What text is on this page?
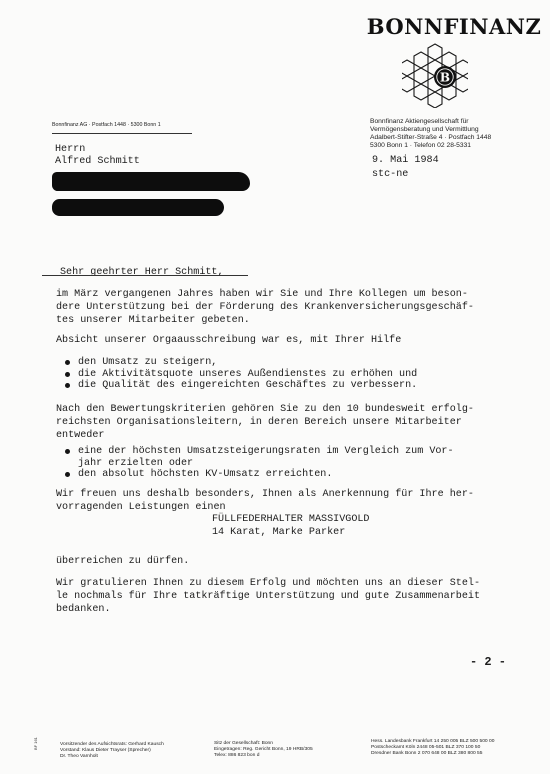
BONNFINANZ
B
Bonnfinanz AG · Postfach 1448 · 5300 Bonn 1	Bonnfinanz Aktiengesellschaft für
Vermögensberatung und Vermittlung
Adalbert-Stifter-Straße 4 · Postfach 1448
5300 Bonn 1 · Telefon 02 28-5331
Herrn
Alfred Schmitt	9. Mai 1984
stc-ne
Sehr geehrter Herr Schmitt,
im März vergangenen Jahres haben wir Sie und Ihre Kollegen um beson-
dere Unterstützung bei der Förderung des Krankenversicherungsgeschäf-
tes unserer Mitarbeiter gebeten.
Absicht unserer Orgaausschreibung war es, mit Ihrer Hilfe
den Umsatz zu steigern,
die Aktivitätsquote unseres Außendienstes zu erhöhen und
die Qualität des eingereichten Geschäftes zu verbessern.
Nach den Bewertungskriterien gehören Sie zu den 10 bundesweit erfolg-
reichsten Organisationsleitern, in deren Bereich unsere Mitarbeiter
entweder
eine der höchsten Umsatzsteigerungsraten im Vergleich zum Vor-
jahr erzielten oder
den absolut höchsten KV-Umsatz erreichten.
Wir freuen uns deshalb besonders, Ihnen als Anerkennung für Ihre her-
vorragenden Leistungen einen
FÜLLFEDERHALTER MASSIVGOLD
14 Karat, Marke Parker
überreichen zu dürfen.
Wir gratulieren Ihnen zu diesem Erfolg und möchten uns an dieser Stel-
le nochmals für Ihre tatkräftige Unterstützung und gute Zusammenarbeit
bedanken.
- 2 -
BF 161	Vorsitzender des Aufsichtsrats: Gerhard Kausch
Vorstand: Klaus Dieter Trayser (Sprecher)
Dr. Theo Varnholt
Sitz der Gesellschaft: Bonn
Eingetragen: Reg. Gericht Bonn, 19 HRB/305
Telex: 886 823 bon d
Hess. Landesbank Frankfurt 14 250 005 BLZ 500 500 00
Postscheckamt Köln 2448 05-501 BLZ 370 100 50
Dresdner Bank Bonn 2 070 648 00 BLZ 380 800 55
